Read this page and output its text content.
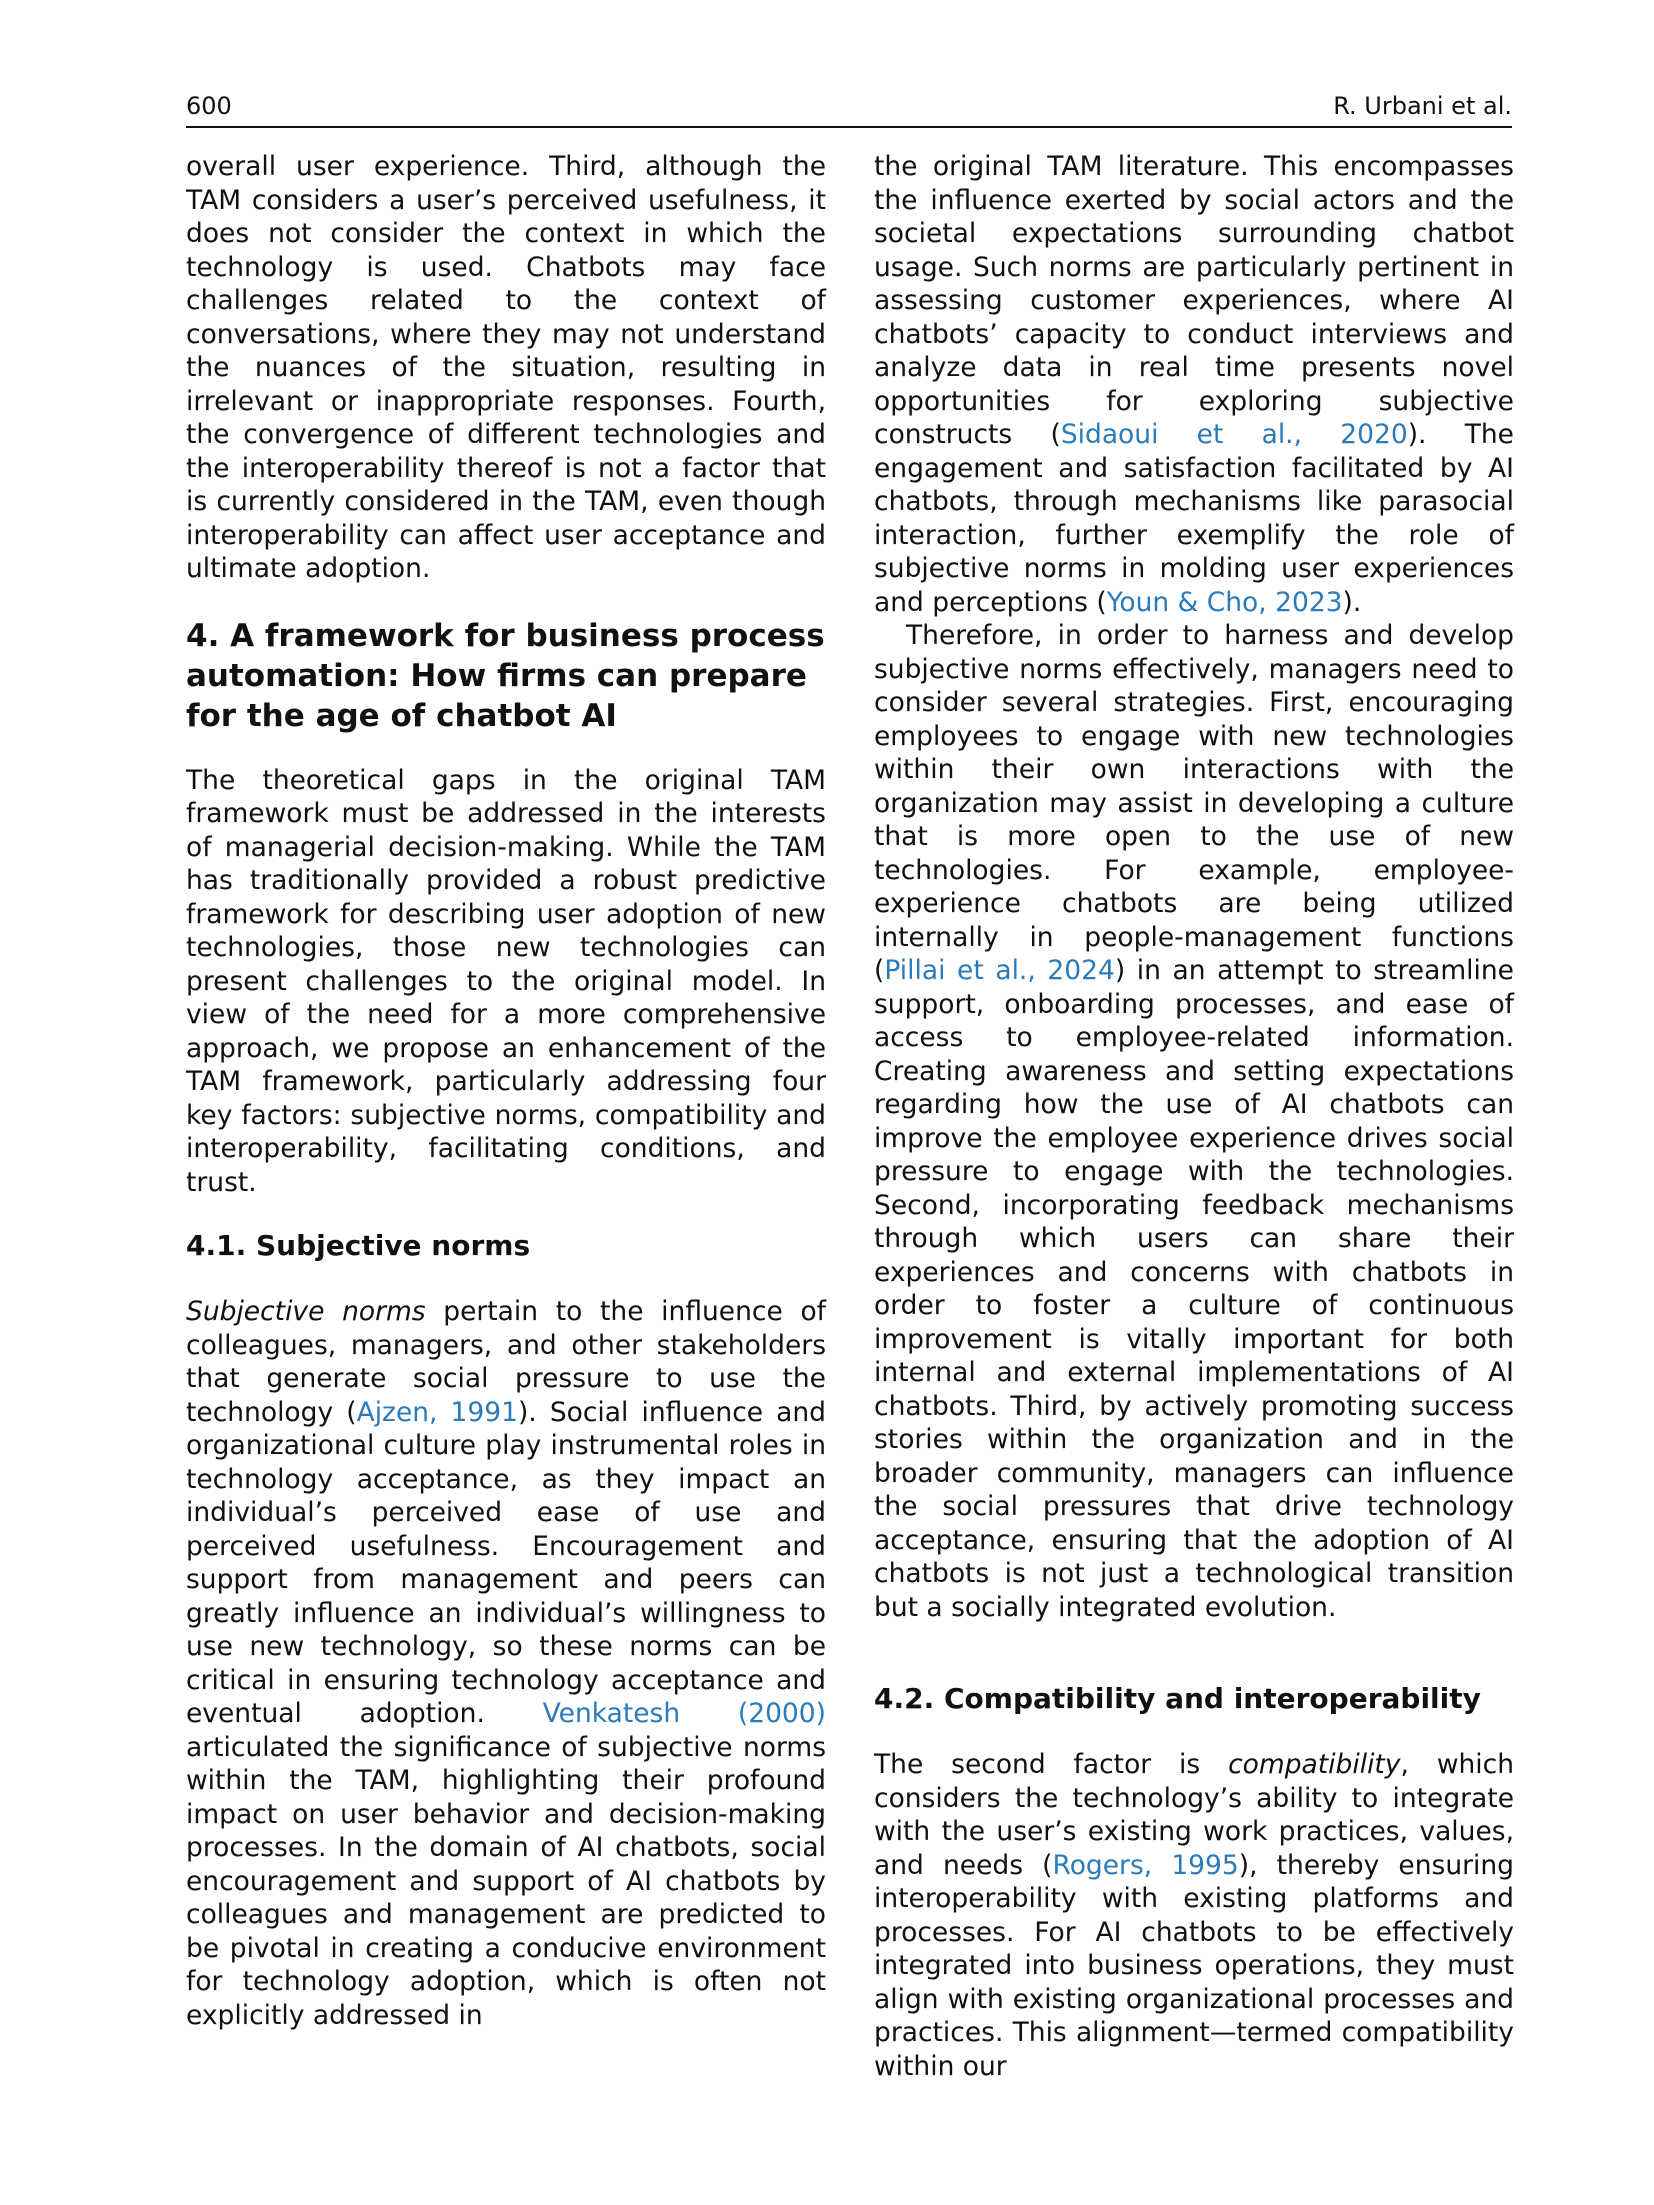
600	R. Urbani et al.

overall user experience. Third, although the TAM considers a user’s perceived usefulness, it does not consider the context in which the technology is used. Chatbots may face challenges related to the context of conversations, where they may not understand the nuances of the situation, resulting in irrelevant or inappropriate responses. Fourth, the convergence of different technologies and the interoperability thereof is not a factor that is currently considered in the TAM, even though interoperability can affect user acceptance and ultimate adoption.

4. A framework for business process automation: How firms can prepare for the age of chatbot AI

The theoretical gaps in the original TAM framework must be addressed in the interests of managerial decision-making. While the TAM has traditionally provided a robust predictive framework for describing user adoption of new technologies, those new technologies can present challenges to the original model. In view of the need for a more comprehensive approach, we propose an enhancement of the TAM framework, particularly addressing four key factors: subjective norms, compatibility and interoperability, facilitating conditions, and trust.

4.1. Subjective norms

Subjective norms pertain to the influence of colleagues, managers, and other stakeholders that generate social pressure to use the technology (Ajzen, 1991). Social influence and organizational culture play instrumental roles in technology acceptance, as they impact an individual’s perceived ease of use and perceived usefulness. Encouragement and support from management and peers can greatly influence an individual’s willingness to use new technology, so these norms can be critical in ensuring technology acceptance and eventual adoption. Venkatesh (2000) articulated the significance of subjective norms within the TAM, highlighting their profound impact on user behavior and decision-making processes. In the domain of AI chatbots, social encouragement and support of AI chatbots by colleagues and management are predicted to be pivotal in creating a conducive environment for technology adoption, which is often not explicitly addressed in

the original TAM literature. This encompasses the influence exerted by social actors and the societal expectations surrounding chatbot usage. Such norms are particularly pertinent in assessing customer experiences, where AI chatbots’ capacity to conduct interviews and analyze data in real time presents novel opportunities for exploring subjective constructs (Sidaoui et al., 2020). The engagement and satisfaction facilitated by AI chatbots, through mechanisms like parasocial interaction, further exemplify the role of subjective norms in molding user experiences and perceptions (Youn & Cho, 2023).

Therefore, in order to harness and develop subjective norms effectively, managers need to consider several strategies. First, encouraging employees to engage with new technologies within their own interactions with the organization may assist in developing a culture that is more open to the use of new technologies. For example, employee-experience chatbots are being utilized internally in people-management functions (Pillai et al., 2024) in an attempt to streamline support, onboarding processes, and ease of access to employee-related information. Creating awareness and setting expectations regarding how the use of AI chatbots can improve the employee experience drives social pressure to engage with the technologies. Second, incorporating feedback mechanisms through which users can share their experiences and concerns with chatbots in order to foster a culture of continuous improvement is vitally important for both internal and external implementations of AI chatbots. Third, by actively promoting success stories within the organization and in the broader community, managers can influence the social pressures that drive technology acceptance, ensuring that the adoption of AI chatbots is not just a technological transition but a socially integrated evolution.

4.2. Compatibility and interoperability

The second factor is compatibility, which considers the technology’s ability to integrate with the user’s existing work practices, values, and needs (Rogers, 1995), thereby ensuring interoperability with existing platforms and processes. For AI chatbots to be effectively integrated into business operations, they must align with existing organizational processes and practices. This alignment—termed compatibility within our
